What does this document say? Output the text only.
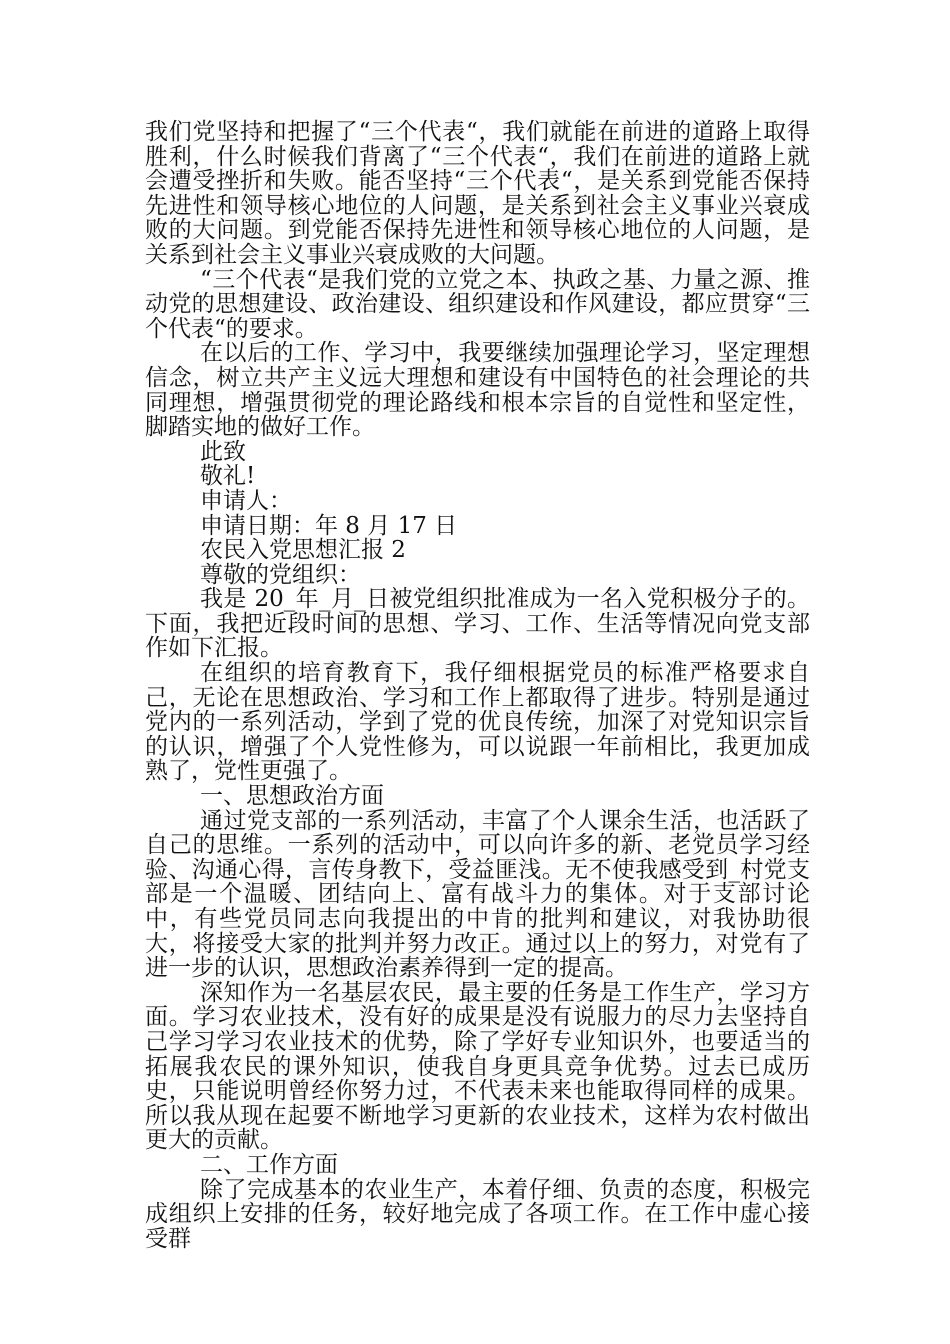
我们党坚持和把握了“三个代表“，我们就能在前进的道路上取得胜利，什么时候我们背离了“三个代表“，我们在前进的道路上就会遭受挫折和失败。能否坚持“三个代表“，是关系到党能否保持先进性和领导核心地位的人问题，是关系到社会主义事业兴衰成败的大问题。到党能否保持先进性和领导核心地位的人问题，是关系到社会主义事业兴衰成败的大问题。

“三个代表“是我们党的立党之本、执政之基、力量之源、推动党的思想建设、政治建设、组织建设和作风建设，都应贯穿“三个代表“的要求。

在以后的工作、学习中，我要继续加强理论学习，坚定理想信念，树立共产主义远大理想和建设有中国特色的社会理论的共同理想，增强贯彻党的理论路线和根本宗旨的自觉性和坚定性，脚踏实地的做好工作。

此致

敬礼!

申请人：

申请日期：年 8 月 17 日

农民入党思想汇报 2

尊敬的党组织：

我是 20_年_月_日被党组织批准成为一名入党积极分子的。下面，我把近段时间的思想、学习、工作、生活等情况向党支部作如下汇报。

在组织的培育教育下，我仔细根据党员的标准严格要求自己，无论在思想政治、学习和工作上都取得了进步。特别是通过党内的一系列活动，学到了党的优良传统，加深了对党知识宗旨的认识，增强了个人党性修为，可以说跟一年前相比，我更加成熟了，党性更强了。

一、思想政治方面

通过党支部的一系列活动，丰富了个人课余生活，也活跃了自己的思维。一系列的活动中，可以向许多的新、老党员学习经验、沟通心得，言传身教下，受益匪浅。无不使我感受到_村党支部是一个温暖、团结向上、富有战斗力的集体。对于支部讨论中，有些党员同志向我提出的中肯的批判和建议，对我协助很大，将接受大家的批判并努力改正。通过以上的努力，对党有了进一步的认识，思想政治素养得到一定的提高。

深知作为一名基层农民，最主要的任务是工作生产，学习方面。学习农业技术，没有好的成果是没有说服力的尽力去坚持自己学习学习农业技术的优势，除了学好专业知识外，也要适当的拓展我农民的课外知识，使我自身更具竞争优势。过去已成历史，只能说明曾经你努力过，不代表未来也能取得同样的成果。所以我从现在起要不断地学习更新的农业技术，这样为农村做出更大的贡献。

二、工作方面

除了完成基本的农业生产，本着仔细、负责的态度，积极完成组织上安排的任务，较好地完成了各项工作。在工作中虚心接受群
